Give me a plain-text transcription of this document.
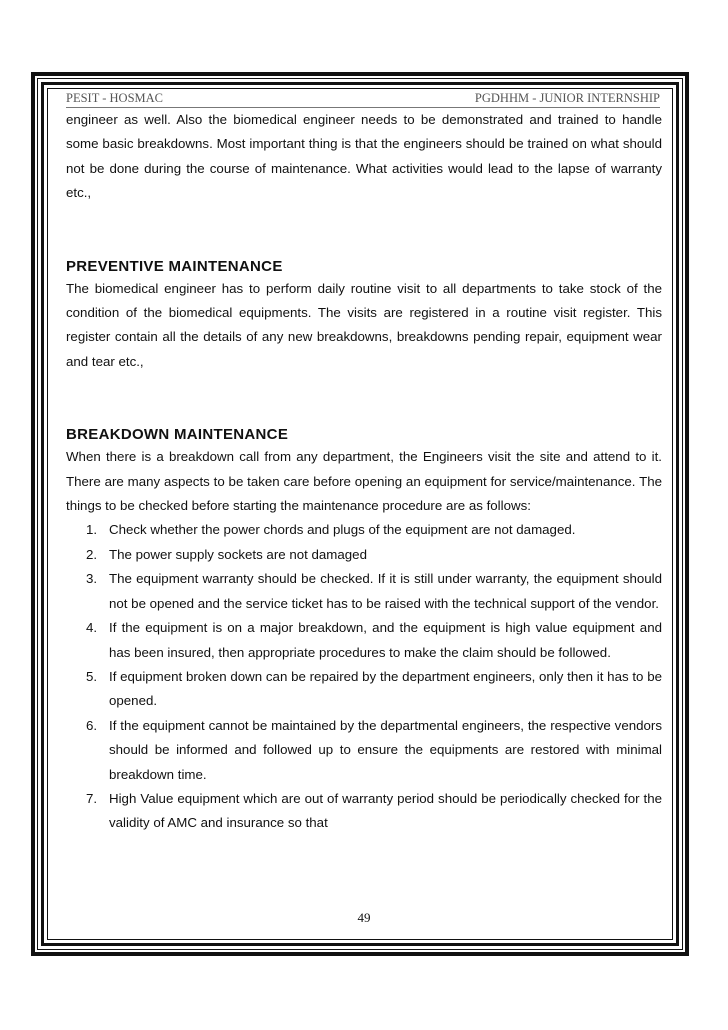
PESIT - HOSMAC	PGDHHM - JUNIOR INTERNSHIP

engineer as well. Also the biomedical engineer needs to be demonstrated and trained to handle some basic breakdowns. Most important thing is that the engineers should be trained on what should not be done during the course of maintenance. What activities would lead to the lapse of warranty etc.,

PREVENTIVE MAINTENANCE

The biomedical engineer has to perform daily routine visit to all departments to take stock of the condition of the biomedical equipments. The visits are registered in a routine visit register. This register contain all the details of any new breakdowns, breakdowns pending repair, equipment wear and tear etc.,

BREAKDOWN MAINTENANCE

When there is a breakdown call from any department, the Engineers visit the site and attend to it. There are many aspects to be taken care before opening an equipment for service/maintenance. The things to be checked before starting the maintenance procedure are as follows:

1. Check whether the power chords and plugs of the equipment are not damaged.
2. The power supply sockets are not damaged
3. The equipment warranty should be checked. If it is still under warranty, the equipment should not be opened and the service ticket has to be raised with the technical support of the vendor.
4. If the equipment is on a major breakdown, and the equipment is high value equipment and has been insured, then appropriate procedures to make the claim should be followed.
5. If equipment broken down can be repaired by the department engineers, only then it has to be opened.
6. If the equipment cannot be maintained by the departmental engineers, the respective vendors should be informed and followed up to ensure the equipments are restored with minimal breakdown time.
7. High Value equipment which are out of warranty period should be periodically checked for the validity of AMC and insurance so that
49
